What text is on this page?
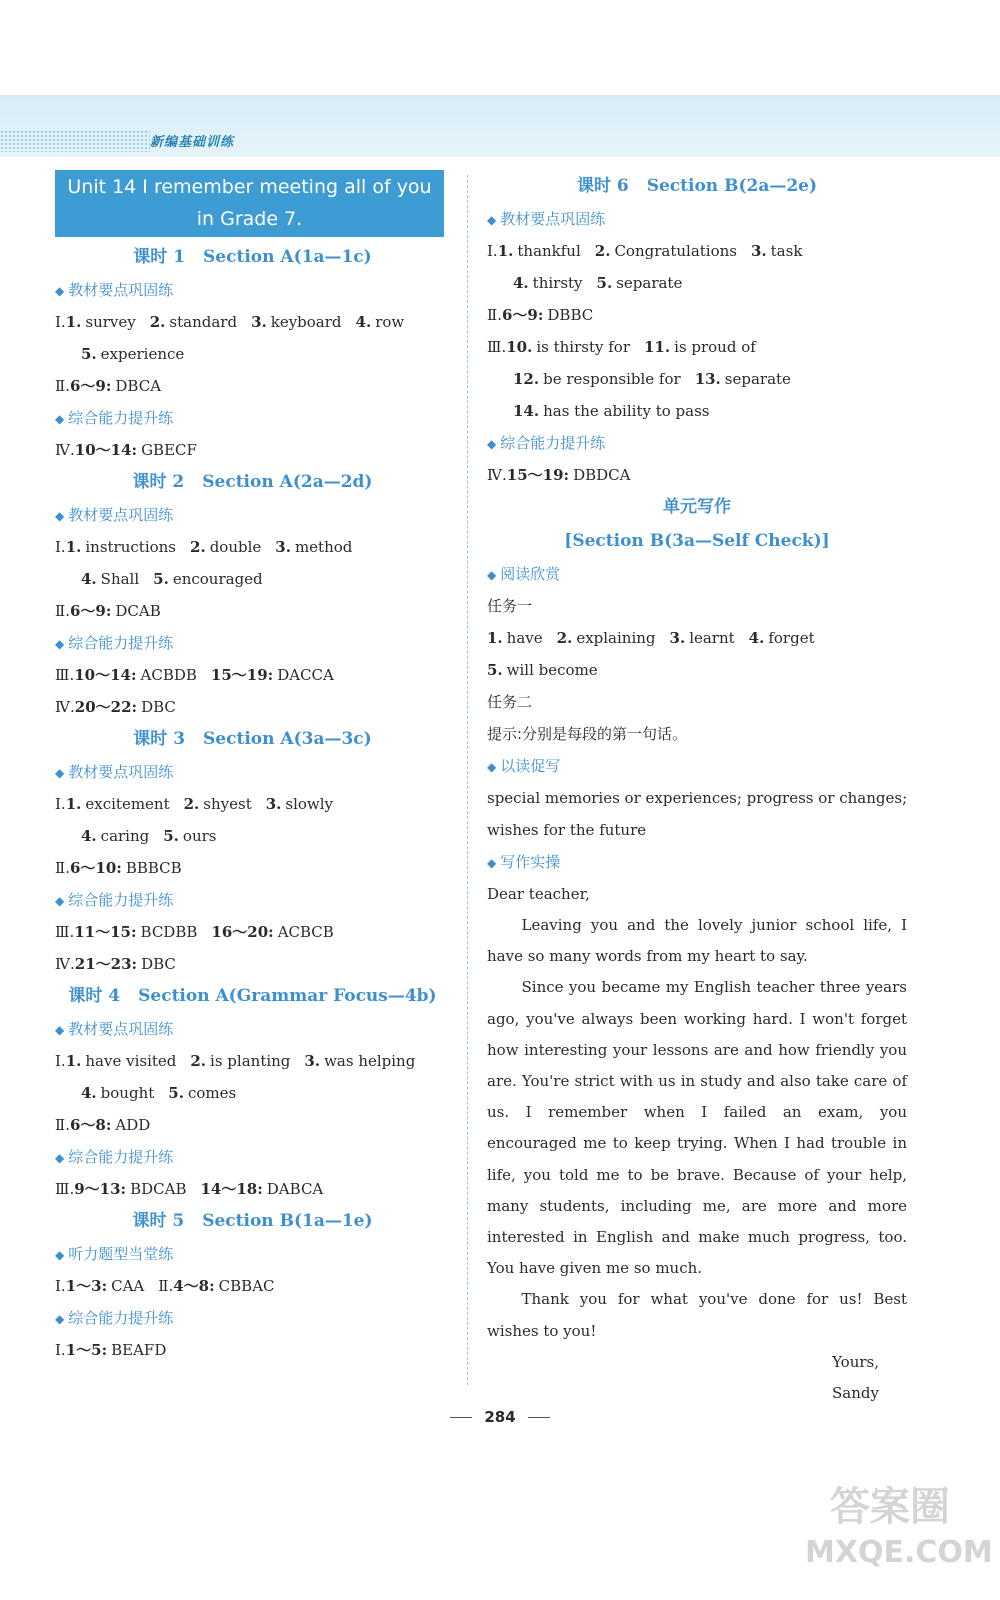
新编基础训练
Unit 14 I remember meeting all of you in Grade 7.
课时 1 Section A(1a—1c)
◆ 教材要点巩固练
Ⅰ.1. survey 2. standard 3. keyboard 4. row
5. experience
Ⅱ.6～9: DBCA
◆ 综合能力提升练
Ⅳ.10～14: GBECF
课时 2 Section A(2a—2d)
◆ 教材要点巩固练
Ⅰ.1. instructions 2. double 3. method
4. Shall 5. encouraged
Ⅱ.6～9: DCAB
◆ 综合能力提升练
Ⅲ.10～14: ACBDB 15～19: DACCA
Ⅳ.20～22: DBC
课时 3 Section A(3a—3c)
◆ 教材要点巩固练
Ⅰ.1. excitement 2. shyest 3. slowly
4. caring 5. ours
Ⅱ.6～10: BBBCB
◆ 综合能力提升练
Ⅲ.11～15: BCDBB 16～20: ACBCB
Ⅳ.21～23: DBC
课时 4 Section A(Grammar Focus—4b)
◆ 教材要点巩固练
Ⅰ.1. have visited 2. is planting 3. was helping
4. bought 5. comes
Ⅱ.6～8: ADD
◆ 综合能力提升练
Ⅲ.9～13: BDCAB 14～18: DABCA
课时 5 Section B(1a—1e)
◆ 听力题型当堂练
Ⅰ.1～3: CAA Ⅱ.4～8: CBBAC
◆ 综合能力提升练
Ⅰ.1～5: BEAFD
课时 6 Section B(2a—2e)
◆ 教材要点巩固练
Ⅰ.1. thankful 2. Congratulations 3. task
4. thirsty 5. separate
Ⅱ.6～9: DBBC
Ⅲ.10. is thirsty for 11. is proud of
12. be responsible for 13. separate
14. has the ability to pass
◆ 综合能力提升练
Ⅳ.15～19: DBDCA
单元写作
[Section B(3a—Self Check)]
◆ 阅读欣赏
任务一
1. have 2. explaining 3. learnt 4. forget
5. will become
任务二
提示:分别是每段的第一句话。
◆ 以读促写
special memories or experiences; progress or changes;
wishes for the future
◆ 写作实操
Dear teacher,

Leaving you and the lovely junior school life, I have so many words from my heart to say.

Since you became my English teacher three years ago, you've always been working hard. I won't forget how interesting your lessons are and how friendly you are. You're strict with us in study and also take care of us. I remember when I failed an exam, you encouraged me to keep trying. When I had trouble in life, you told me to be brave. Because of your help, many students, including me, are more and more interested in English and make much progress, too. You have given me so much.

Thank you for what you've done for us! Best wishes to you!

Yours,
Sandy
284
答案圈
MXQE.COM
